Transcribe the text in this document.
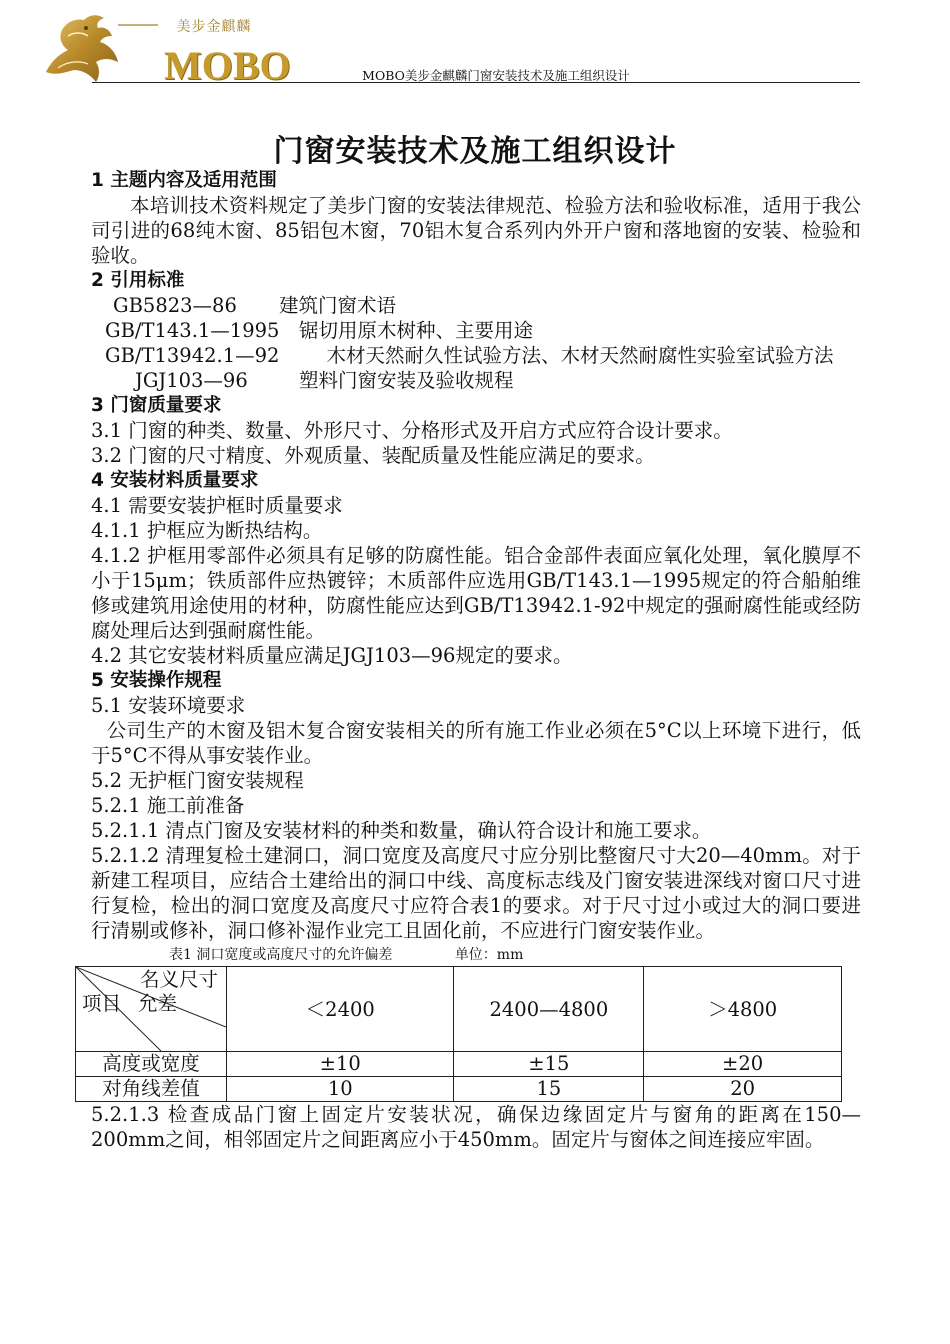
美步金麒麟
MOBO	MOBO美步金麒麟门窗安装技术及施工组织设计
门窗安装技术及施工组织设计

1 主题内容及适用范围

本培训技术资料规定了美步门窗的安装法律规范、检验方法和验收标准，适用于我公司引进的68纯木窗、85铝包木窗，70铝木复合系列内外开户窗和落地窗的安装、检验和验收。

2 引用标准

GB5823—86	建筑门窗术语
GB/T143.1—1995	锯切用原木树种、主要用途
GB/T13942.1—92	木材天然耐久性试验方法、木材天然耐腐性实验室试验方法
JGJ103—96	塑料门窗安装及验收规程

3 门窗质量要求

3.1 门窗的种类、数量、外形尺寸、分格形式及开启方式应符合设计要求。

3.2 门窗的尺寸精度、外观质量、装配质量及性能应满足的要求。

4 安装材料质量要求

4.1 需要安装护框时质量要求

4.1.1 护框应为断热结构。

4.1.2 护框用零部件必须具有足够的防腐性能。铝合金部件表面应氧化处理，氧化膜厚不小于15μm；铁质部件应热镀锌；木质部件应选用GB/T143.1—1995规定的符合船舶维修或建筑用途使用的材种，防腐性能应达到GB/T13942.1-92中规定的强耐腐性能或经防腐处理后达到强耐腐性能。

4.2 其它安装材料质量应满足JGJ103—96规定的要求。

5 安装操作规程

5.1 安装环境要求

公司生产的木窗及铝木复合窗安装相关的所有施工作业必须在5°C以上环境下进行，低于5°C不得从事安装作业。

5.2 无护框门窗安装规程

5.2.1 施工前准备

5.2.1.1 清点门窗及安装材料的种类和数量，确认符合设计和施工要求。

5.2.1.2 清理复检土建洞口，洞口宽度及高度尺寸应分别比整窗尺寸大20—40mm。对于新建工程项目，应结合土建给出的洞口中线、高度标志线及门窗安装进深线对窗口尺寸进行复检，检出的洞口宽度及高度尺寸应符合表1的要求。对于尺寸过小或过大的洞口要进行清剔或修补，洞口修补湿作业完工且固化前，不应进行门窗安装作业。

表1 洞口宽度或高度尺寸的允许偏差	单位：mm
名义尺寸
项目 允差	＜2400	2400—4800	＞4800
高度或宽度	±10	±15	±20
对角线差值	10	15	20

5.2.1.3 检查成品门窗上固定片安装状况，确保边缘固定片与窗角的距离在150—200mm之间，相邻固定片之间距离应小于450mm。固定片与窗体之间连接应牢固。
